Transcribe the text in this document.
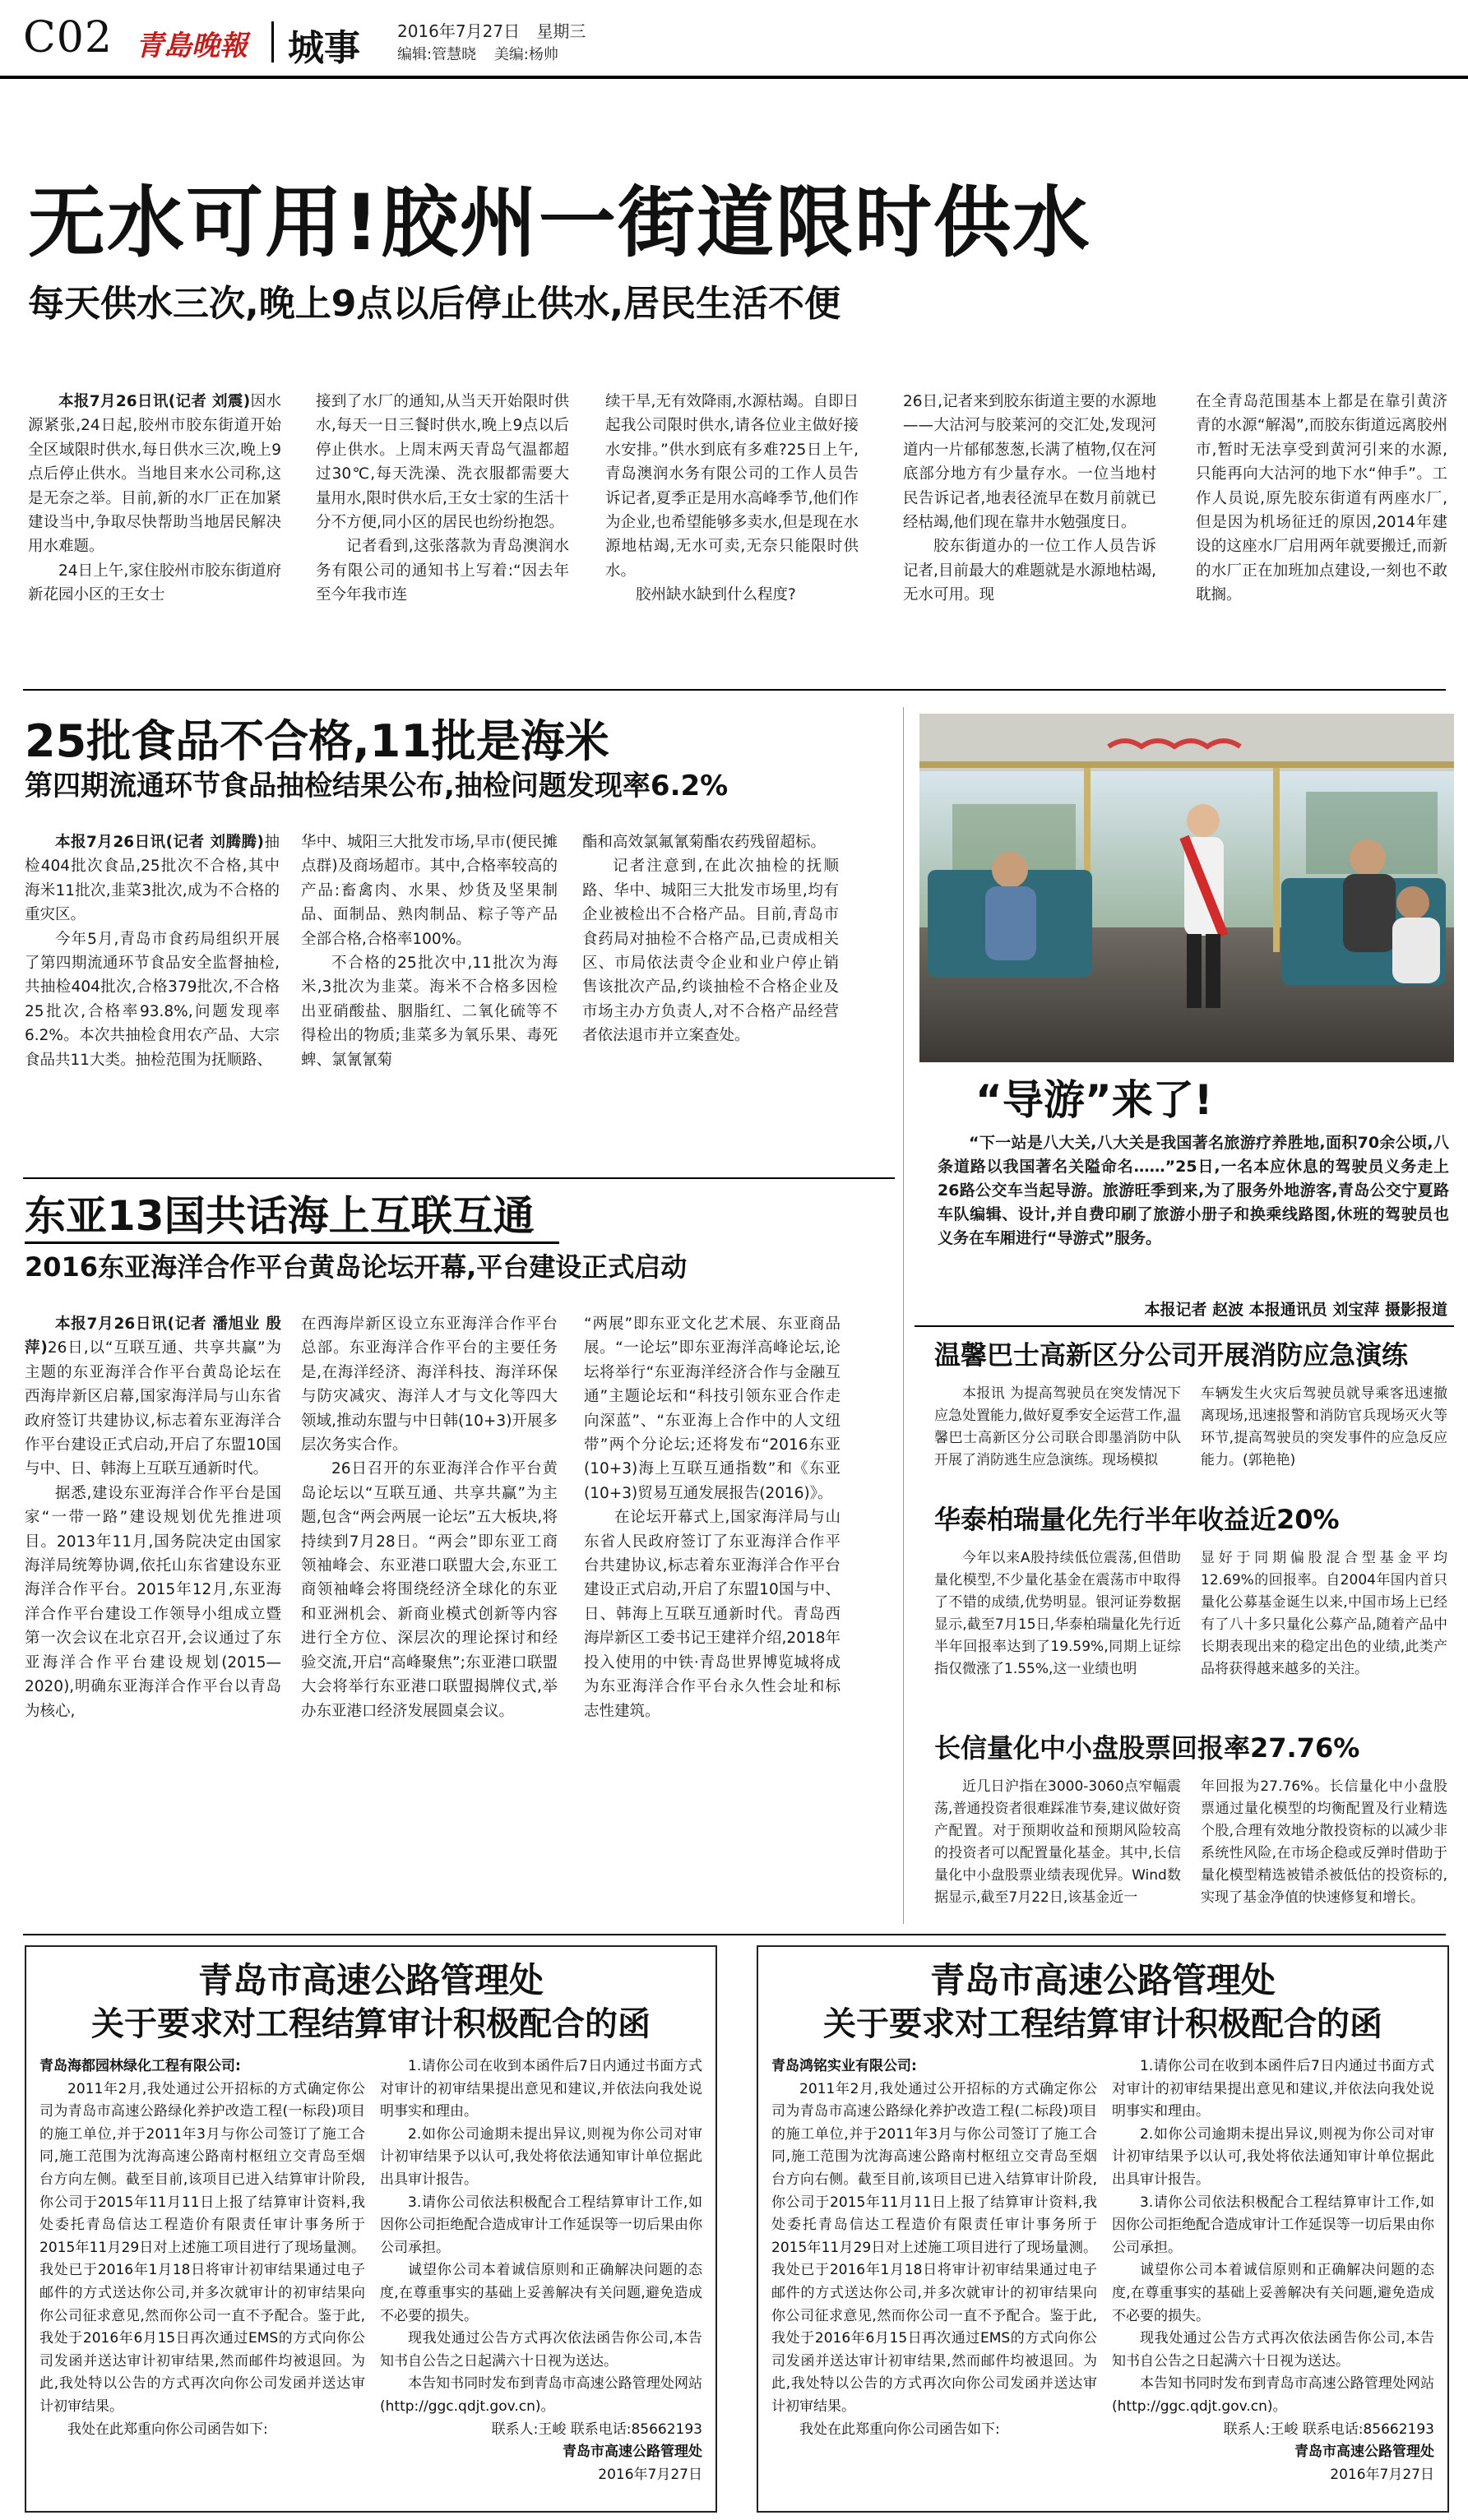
C02 青島晚報 城事 2016年7月27日 星期三
编辑:管慧晓 美编:杨帅
无水可用!胶州一街道限时供水
每天供水三次,晚上9点以后停止供水,居民生活不便

本报7月26日讯(记者 刘震)因水源紧张,24日起,胶州市胶东街道开始全区域限时供水,每日供水三次,晚上9点后停止供水。当地目来水公司称,这是无奈之举。目前,新的水厂正在加紧建设当中,争取尽快帮助当地居民解决用水难题。

24日上午,家住胶州市胶东街道府新花园小区的王女士

接到了水厂的通知,从当天开始限时供水,每天一日三餐时供水,晚上9点以后停止供水。上周末两天青岛气温都超过30℃,每天洗澡、洗衣服都需要大量用水,限时供水后,王女士家的生活十分不方便,同小区的居民也纷纷抱怨。

记者看到,这张落款为青岛澳润水务有限公司的通知书上写着:“因去年至今年我市连

续干旱,无有效降雨,水源枯竭。自即日起我公司限时供水,请各位业主做好接水安排。”供水到底有多难?25日上午,青岛澳润水务有限公司的工作人员告诉记者,夏季正是用水高峰季节,他们作为企业,也希望能够多卖水,但是现在水源地枯竭,无水可卖,无奈只能限时供水。

胶州缺水缺到什么程度?

26日,记者来到胶东街道主要的水源地——大沽河与胶莱河的交汇处,发现河道内一片郁郁葱葱,长满了植物,仅在河底部分地方有少量存水。一位当地村民告诉记者,地表径流早在数月前就已经枯竭,他们现在靠井水勉强度日。

胶东街道办的一位工作人员告诉记者,目前最大的难题就是水源地枯竭,无水可用。现

在全青岛范围基本上都是在靠引黄济青的水源“解渴”,而胶东街道远离胶州市,暂时无法享受到黄河引来的水源,只能再向大沽河的地下水“伸手”。工作人员说,原先胶东街道有两座水厂,但是因为机场征迁的原因,2014年建设的这座水厂启用两年就要搬迁,而新的水厂正在加班加点建设,一刻也不敢耽搁。

25批食品不合格,11批是海米
第四期流通环节食品抽检结果公布,抽检问题发现率6.2%

本报7月26日讯(记者 刘腾腾)抽检404批次食品,25批次不合格,其中海米11批次,韭菜3批次,成为不合格的重灾区。

今年5月,青岛市食药局组织开展了第四期流通环节食品安全监督抽检,共抽检404批次,合格379批次,不合格25批次,合格率93.8%,问题发现率6.2%。本次共抽检食用农产品、大宗食品共11大类。抽检范围为抚顺路、

华中、城阳三大批发市场,早市(便民摊点群)及商场超市。其中,合格率较高的产品:畜禽肉、水果、炒货及坚果制品、面制品、熟肉制品、粽子等产品全部合格,合格率100%。

不合格的25批次中,11批次为海米,3批次为韭菜。海米不合格多因检出亚硝酸盐、胭脂红、二氧化硫等不得检出的物质;韭菜多为氧乐果、毒死蜱、氯氰氰菊

酯和高效氯氟氰菊酯农药残留超标。

记者注意到,在此次抽检的抚顺路、华中、城阳三大批发市场里,均有企业被检出不合格产品。目前,青岛市食药局对抽检不合格产品,已责成相关区、市局依法责令企业和业户停止销售该批次产品,约谈抽检不合格企业及市场主办方负责人,对不合格产品经营者依法退市并立案查处。

东亚13国共话海上互联互通
2016东亚海洋合作平台黄岛论坛开幕,平台建设正式启动

本报7月26日讯(记者 潘旭业 殷萍)26日,以“互联互通、共享共赢”为主题的东亚海洋合作平台黄岛论坛在西海岸新区启幕,国家海洋局与山东省政府签订共建协议,标志着东亚海洋合作平台建设正式启动,开启了东盟10国与中、日、韩海上互联互通新时代。

据悉,建设东亚海洋合作平台是国家“一带一路”建设规划优先推进项目。2013年11月,国务院决定由国家海洋局统筹协调,依托山东省建设东亚海洋合作平台。2015年12月,东亚海洋合作平台建设工作领导小组成立暨第一次会议在北京召开,会议通过了东亚海洋合作平台建设规划(2015—2020),明确东亚海洋合作平台以青岛为核心,

在西海岸新区设立东亚海洋合作平台总部。东亚海洋合作平台的主要任务是,在海洋经济、海洋科技、海洋环保与防灾减灾、海洋人才与文化等四大领域,推动东盟与中日韩(10+3)开展多层次务实合作。

26日召开的东亚海洋合作平台黄岛论坛以“互联互通、共享共赢”为主题,包含“两会两展一论坛”五大板块,将持续到7月28日。“两会”即东亚工商领袖峰会、东亚港口联盟大会,东亚工商领袖峰会将围绕经济全球化的东亚和亚洲机会、新商业模式创新等内容进行全方位、深层次的理论探讨和经验交流,开启“高峰聚焦”;东亚港口联盟大会将举行东亚港口联盟揭牌仪式,举办东亚港口经济发展圆桌会议。

“两展”即东亚文化艺术展、东亚商品展。“一论坛”即东亚海洋高峰论坛,论坛将举行“东亚海洋经济合作与金融互通”主题论坛和“科技引领东亚合作走向深蓝”、“东亚海上合作中的人文纽带”两个分论坛;还将发布“2016东亚(10+3)海上互联互通指数”和《东亚(10+3)贸易互通发展报告(2016)》。

在论坛开幕式上,国家海洋局与山东省人民政府签订了东亚海洋合作平台共建协议,标志着东亚海洋合作平台建设正式启动,开启了东盟10国与中、日、韩海上互联互通新时代。青岛西海岸新区工委书记王建祥介绍,2018年投入使用的中铁·青岛世界博览城将成为东亚海洋合作平台永久性会址和标志性建筑。

“导游”来了!

“下一站是八大关,八大关是我国著名旅游疗养胜地,面积70余公顷,八条道路以我国著名关隘命名……”25日,一名本应休息的驾驶员义务走上26路公交车当起导游。旅游旺季到来,为了服务外地游客,青岛公交宁夏路车队编辑、设计,并自费印刷了旅游小册子和换乘线路图,休班的驾驶员也义务在车厢进行“导游式”服务。

本报记者 赵波 本报通讯员 刘宝萍 摄影报道
温馨巴士高新区分公司开展消防应急演练

本报讯 为提高驾驶员在突发情况下应急处置能力,做好夏季安全运营工作,温馨巴士高新区分公司联合即墨消防中队开展了消防逃生应急演练。现场模拟

车辆发生火灾后驾驶员就导乘客迅速撤离现场,迅速报警和消防官兵现场灭火等环节,提高驾驶员的突发事件的应急反应能力。(郭艳艳)

华泰柏瑞量化先行半年收益近20%

今年以来A股持续低位震荡,但借助量化模型,不少量化基金在震荡市中取得了不错的成绩,优势明显。银河证券数据显示,截至7月15日,华泰柏瑞量化先行近半年回报率达到了19.59%,同期上证综指仅微涨了1.55%,这一业绩也明

显好于同期偏股混合型基金平均12.69%的回报率。自2004年国内首只量化公募基金诞生以来,中国市场上已经有了八十多只量化公募产品,随着产品中长期表现出来的稳定出色的业绩,此类产品将获得越来越多的关注。

长信量化中小盘股票回报率27.76%

近几日沪指在3000-3060点窄幅震荡,普通投资者很难踩准节奏,建议做好资产配置。对于预期收益和预期风险较高的投资者可以配置量化基金。其中,长信量化中小盘股票业绩表现优异。Wind数据显示,截至7月22日,该基金近一

年回报为27.76%。长信量化中小盘股票通过量化模型的均衡配置及行业精选个股,合理有效地分散投资标的以减少非系统性风险,在市场企稳或反弹时借助于量化模型精选被错杀被低估的投资标的,实现了基金净值的快速修复和增长。

青岛市高速公路管理处
关于要求对工程结算审计积极配合的函

青岛海都园林绿化工程有限公司:

2011年2月,我处通过公开招标的方式确定你公司为青岛市高速公路绿化养护改造工程(一标段)项目的施工单位,并于2011年3月与你公司签订了施工合同,施工范围为沈海高速公路南村枢纽立交青岛至烟台方向左侧。截至目前,该项目已进入结算审计阶段,你公司于2015年11月11日上报了结算审计资料,我处委托青岛信达工程造价有限责任审计事务所于2015年11月29日对上述施工项目进行了现场量测。我处已于2016年1月18日将审计初审结果通过电子邮件的方式送达你公司,并多次就审计的初审结果向你公司征求意见,然而你公司一直不予配合。鉴于此,我处于2016年6月15日再次通过EMS的方式向你公司发函并送达审计初审结果,然而邮件均被退回。为此,我处特以公告的方式再次向你公司发函并送达审计初审结果。

我处在此郑重向你公司函告如下:

1.请你公司在收到本函件后7日内通过书面方式对审计的初审结果提出意见和建议,并依法向我处说明事实和理由。

2.如你公司逾期未提出异议,则视为你公司对审计初审结果予以认可,我处将依法通知审计单位据此出具审计报告。

3.请你公司依法积极配合工程结算审计工作,如因你公司拒绝配合造成审计工作延误等一切后果由你公司承担。

诚望你公司本着诚信原则和正确解决问题的态度,在尊重事实的基础上妥善解决有关问题,避免造成不必要的损失。

现我处通过公告方式再次依法函告你公司,本告知书自公告之日起满六十日视为送达。

本告知书同时发布到青岛市高速公路管理处网站(http://ggc.qdjt.gov.cn)。

联系人:王峻 联系电话:85662193

青岛市高速公路管理处

2016年7月27日

青岛市高速公路管理处
关于要求对工程结算审计积极配合的函

青岛鸿铭实业有限公司:

2011年2月,我处通过公开招标的方式确定你公司为青岛市高速公路绿化养护改造工程(二标段)项目的施工单位,并于2011年3月与你公司签订了施工合同,施工范围为沈海高速公路南村枢纽立交青岛至烟台方向右侧。截至目前,该项目已进入结算审计阶段,你公司于2015年11月11日上报了结算审计资料,我处委托青岛信达工程造价有限责任审计事务所于2015年11月29日对上述施工项目进行了现场量测。我处已于2016年1月18日将审计初审结果通过电子邮件的方式送达你公司,并多次就审计的初审结果向你公司征求意见,然而你公司一直不予配合。鉴于此,我处于2016年6月15日再次通过EMS的方式向你公司发函并送达审计初审结果,然而邮件均被退回。为此,我处特以公告的方式再次向你公司发函并送达审计初审结果。

我处在此郑重向你公司函告如下:

1.请你公司在收到本函件后7日内通过书面方式对审计的初审结果提出意见和建议,并依法向我处说明事实和理由。

2.如你公司逾期未提出异议,则视为你公司对审计初审结果予以认可,我处将依法通知审计单位据此出具审计报告。

3.请你公司依法积极配合工程结算审计工作,如因你公司拒绝配合造成审计工作延误等一切后果由你公司承担。

诚望你公司本着诚信原则和正确解决问题的态度,在尊重事实的基础上妥善解决有关问题,避免造成不必要的损失。

现我处通过公告方式再次依法函告你公司,本告知书自公告之日起满六十日视为送达。

本告知书同时发布到青岛市高速公路管理处网站(http://ggc.qdjt.gov.cn)。

联系人:王峻 联系电话:85662193

青岛市高速公路管理处

2016年7月27日
